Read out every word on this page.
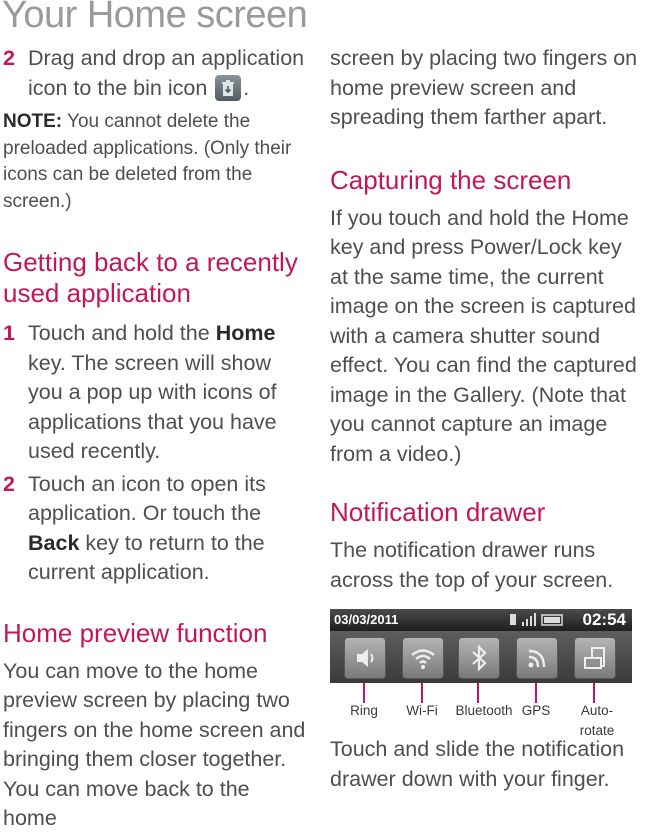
Your Home screen
2 Drag and drop an application icon to the bin icon .

NOTE: You cannot delete the preloaded applications. (Only their icons can be deleted from the screen.)

Getting back to a recently used application
1 Touch and hold the Home key. The screen will show you a pop up with icons of applications that you have used recently.
2 Touch an icon to open its application. Or touch the Back key to return to the current application.
Home preview function

You can move to the home preview screen by placing two fingers on the home screen and bringing them closer together. You can move back to the home

screen by placing two fingers on home preview screen and spreading them farther apart.

Capturing the screen

If you touch and hold the Home key and press Power/Lock key at the same time, the current image on the screen is captured with a camera shutter sound effect. You can find the captured image in the Gallery. (Note that you cannot capture an image from a video.)

Notification drawer

The notification drawer runs across the top of your screen.

03/03/2011	02:54
Ring	Wi-Fi	Bluetooth GPS	Auto-rotate

Touch and slide the notification drawer down with your finger.
